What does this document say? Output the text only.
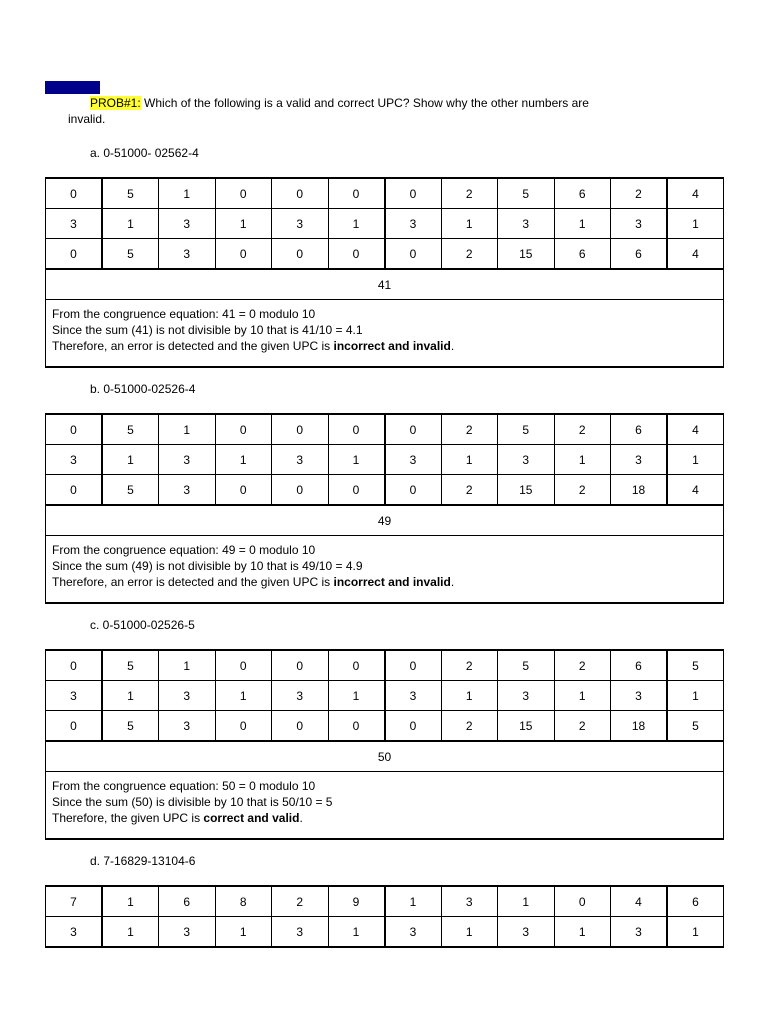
SET DO
PROB#1: Which of the following is a valid and correct UPC? Show why the other numbers are
invalid.
a. 0-51000- 02562-4
0	5	1	0	0	0	0	2	5	6	2	4
3	1	3	1	3	1	3	1	3	1	3	1
0	5	3	0	0	0	0	2	15	6	6	4
41											

From the congruence equation: 41 = 0 modulo 10
Since the sum (41) is not divisible by 10 that is 41/10 = 4.1
Therefore, an error is detected and the given UPC is incorrect and invalid.											
b. 0-51000-02526-4
0	5	1	0	0	0	0	2	5	2	6	4
3	1	3	1	3	1	3	1	3	1	3	1
0	5	3	0	0	0	0	2	15	2	18	4
49											

From the congruence equation: 49 = 0 modulo 10
Since the sum (49) is not divisible by 10 that is 49/10 = 4.9
Therefore, an error is detected and the given UPC is incorrect and invalid.											
c. 0-51000-02526-5
0	5	1	0	0	0	0	2	5	2	6	5
3	1	3	1	3	1	3	1	3	1	3	1
0	5	3	0	0	0	0	2	15	2	18	5
50											

From the congruence equation: 50 = 0 modulo 10
Since the sum (50) is divisible by 10 that is 50/10 = 5
Therefore, the given UPC is correct and valid.											
d. 7-16829-13104-6
7	1	6	8	2	9	1	3	1	0	4	6
3	1	3	1	3	1	3	1	3	1	3	1
